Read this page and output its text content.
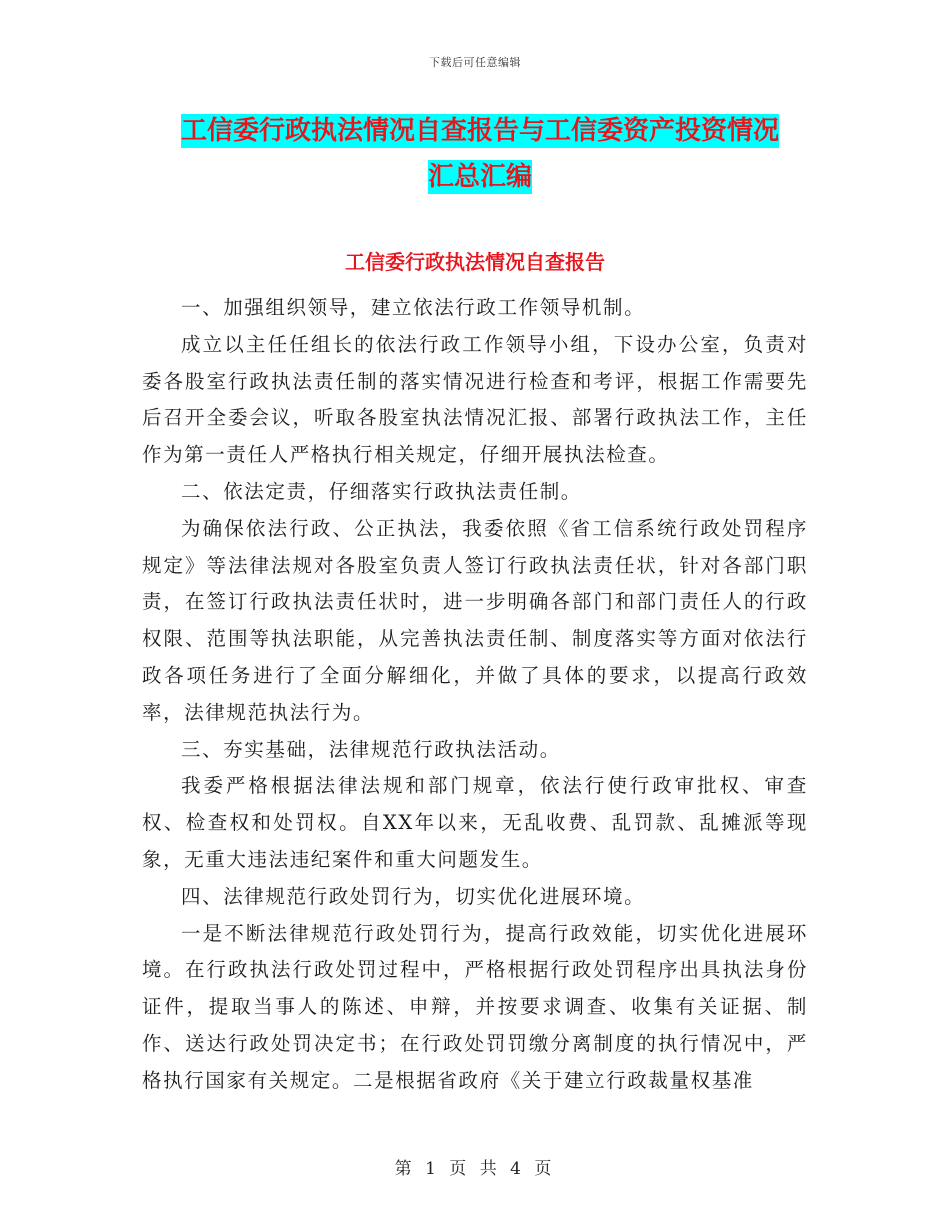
下载后可任意编辑
工信委行政执法情况自查报告与工信委资产投资情况
汇总汇编
工信委行政执法情况自查报告

一、加强组织领导，建立依法行政工作领导机制。

成立以主任任组长的依法行政工作领导小组，下设办公室，负责对委各股室行政执法责任制的落实情况进行检查和考评，根据工作需要先后召开全委会议，听取各股室执法情况汇报、部署行政执法工作，主任作为第一责任人严格执行相关规定，仔细开展执法检查。

二、依法定责，仔细落实行政执法责任制。

为确保依法行政、公正执法，我委依照《省工信系统行政处罚程序规定》等法律法规对各股室负责人签订行政执法责任状，针对各部门职责，在签订行政执法责任状时，进一步明确各部门和部门责任人的行政权限、范围等执法职能，从完善执法责任制、制度落实等方面对依法行政各项任务进行了全面分解细化，并做了具体的要求，以提高行政效率，法律规范执法行为。

三、夯实基础，法律规范行政执法活动。

我委严格根据法律法规和部门规章，依法行使行政审批权、审查权、检查权和处罚权。自XX年以来，无乱收费、乱罚款、乱摊派等现象，无重大违法违纪案件和重大问题发生。

四、法律规范行政处罚行为，切实优化进展环境。

一是不断法律规范行政处罚行为，提高行政效能，切实优化进展环境。在行政执法行政处罚过程中，严格根据行政处罚程序出具执法身份证件，提取当事人的陈述、申辩，并按要求调查、收集有关证据、制作、送达行政处罚决定书；在行政处罚罚缴分离制度的执行情况中，严格执行国家有关规定。二是根据省政府《关于建立行政裁量权基准

第 1 页 共 4 页
